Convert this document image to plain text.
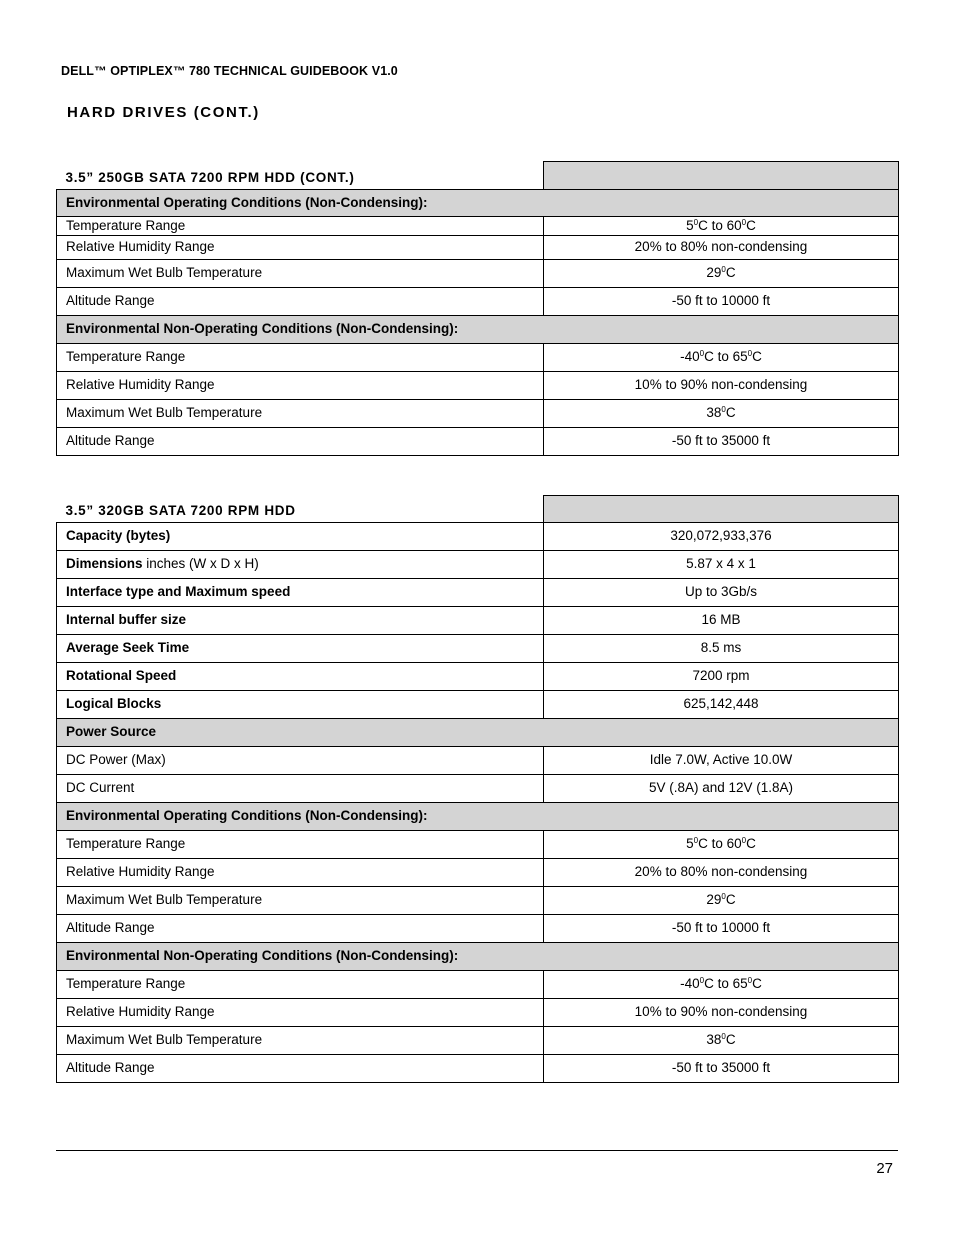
DELL™ OPTIPLEX™ 780 TECHNICAL GUIDEBOOK V1.0
HARD DRIVES (CONT.)
3.5” 250GB SATA 7200 RPM HDD (CONT.)	
Environmental Operating Conditions (Non-Condensing):	
Temperature Range	$5^0C$ to $60^0C$
Relative Humidity Range	20% to 80% non-condensing
Maximum Wet Bulb Temperature	$29^0C$
Altitude Range	-50 ft to 10000 ft
Environmental Non-Operating Conditions (Non-Condensing):	
Temperature Range	$-40^0C$ to $65^0C$
Relative Humidity Range	10% to 90% non-condensing
Maximum Wet Bulb Temperature	$38^0C$
Altitude Range	-50 ft to 35000 ft
3.5” 320GB SATA 7200 RPM HDD	
Capacity (bytes)	320,072,933,376
Dimensions inches (W x D x H)	5.87 x 4 x 1
Interface type and Maximum speed	Up to 3Gb/s
Internal buffer size	16 MB
Average Seek Time	8.5 ms
Rotational Speed	7200 rpm
Logical Blocks	625,142,448
Power Source	
DC Power (Max)	Idle 7.0W, Active 10.0W
DC Current	5V (.8A) and 12V (1.8A)
Environmental Operating Conditions (Non-Condensing):	
Temperature Range	$5^0C$ to $60^0C$
Relative Humidity Range	20% to 80% non-condensing
Maximum Wet Bulb Temperature	$29^0C$
Altitude Range	-50 ft to 10000 ft
Environmental Non-Operating Conditions (Non-Condensing):	
Temperature Range	$-40^0C$ to $65^0C$
Relative Humidity Range	10% to 90% non-condensing
Maximum Wet Bulb Temperature	$38^0C$
Altitude Range	-50 ft to 35000 ft
27
